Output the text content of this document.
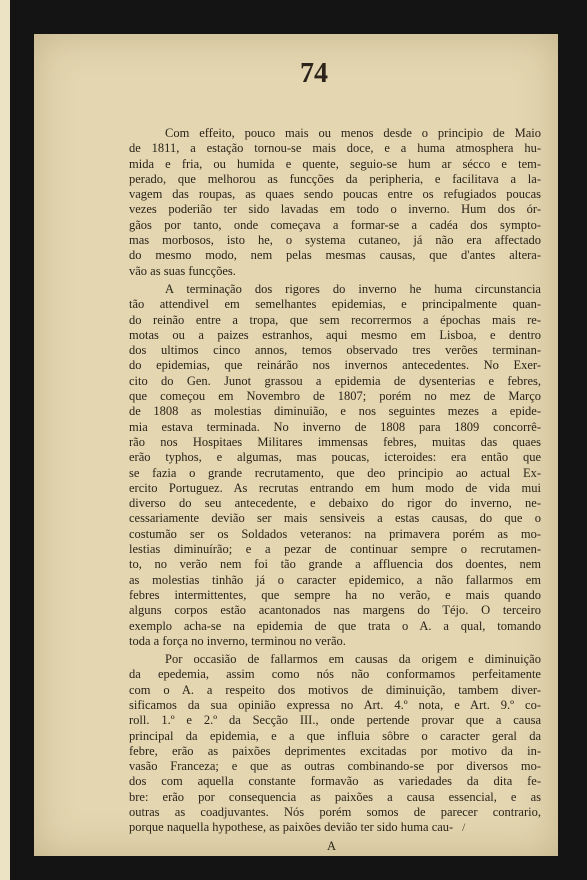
74
Com effeito, pouco mais ou menos desde o principio de Maio
de 1811, a estação tornou-se mais doce, e a huma atmosphera hu-
mida e fria, ou humida e quente, seguio-se hum ar sécco e tem-
perado, que melhorou as funcções da peripheria, e facilitava a la-
vagem das roupas, as quaes sendo poucas entre os refugiados poucas
vezes poderião ter sido lavadas em todo o inverno. Hum dos ór-
gãos por tanto, onde começava a formar-se a cadéa dos sympto-
mas morbosos, isto he, o systema cutaneo, já não era affectado
do mesmo modo, nem pelas mesmas causas, que d'antes altera-
vão as suas funcções.
A terminação dos rigores do inverno he huma circunstancia
tão attendivel em semelhantes epidemias, e principalmente quan-
do reinão entre a tropa, que sem recorrermos a épochas mais re-
motas ou a paizes estranhos, aqui mesmo em Lisboa, e dentro
dos ultimos cinco annos, temos observado tres verões terminan-
do epidemias, que reinárão nos invernos antecedentes. No Exer-
cito do Gen. Junot grassou a epidemia de dysenterias e febres,
que começou em Novembro de 1807; porém no mez de Março
de 1808 as molestias diminuião, e nos seguintes mezes a epide-
mia estava terminada. No inverno de 1808 para 1809 concorrê-
rão nos Hospitaes Militares immensas febres, muitas das quaes
erão typhos, e algumas, mas poucas, icteroides: era então que
se fazia o grande recrutamento, que deo principio ao actual Ex-
ercito Portuguez. As recrutas entrando em hum modo de vida mui
diverso do seu antecedente, e debaixo do rigor do inverno, ne-
cessariamente devião ser mais sensiveis a estas causas, do que o
costumão ser os Soldados veteranos: na primavera porém as mo-
lestias diminuírão; e a pezar de continuar sempre o recrutamen-
to, no verão nem foi tão grande a affluencia dos doentes, nem
as molestias tinhão já o caracter epidemico, a não fallarmos em
febres intermittentes, que sempre ha no verão, e mais quando
alguns corpos estão acantonados nas margens do Téjo. O terceiro
exemplo acha-se na epidemia de que trata o A. a qual, tomando
toda a força no inverno, terminou no verão.
Por occasião de fallarmos em causas da origem e diminuição
da epedemia, assim como nós não conformamos perfeitamente
com o A. a respeito dos motivos de diminuição, tambem diver-
sificamos da sua opinião expressa no Art. 4.º nota, e Art. 9.º co-
roll. 1.º e 2.º da Secção III., onde pertende provar que a causa
principal da epidemia, e a que influia sôbre o caracter geral da
febre, erão as paixões deprimentes excitadas por motivo da in-
vasão Franceza; e que as outras combinando-se por diversos mo-
dos com aquella constante formavão as variedades da dita fe-
bre: erão por consequencia as paixões a causa essencial, e as
outras as coadjuvantes. Nós porém somos de parecer contrario,
porque naquella hypothese, as paixões devião ter sido huma cau-
A
/
